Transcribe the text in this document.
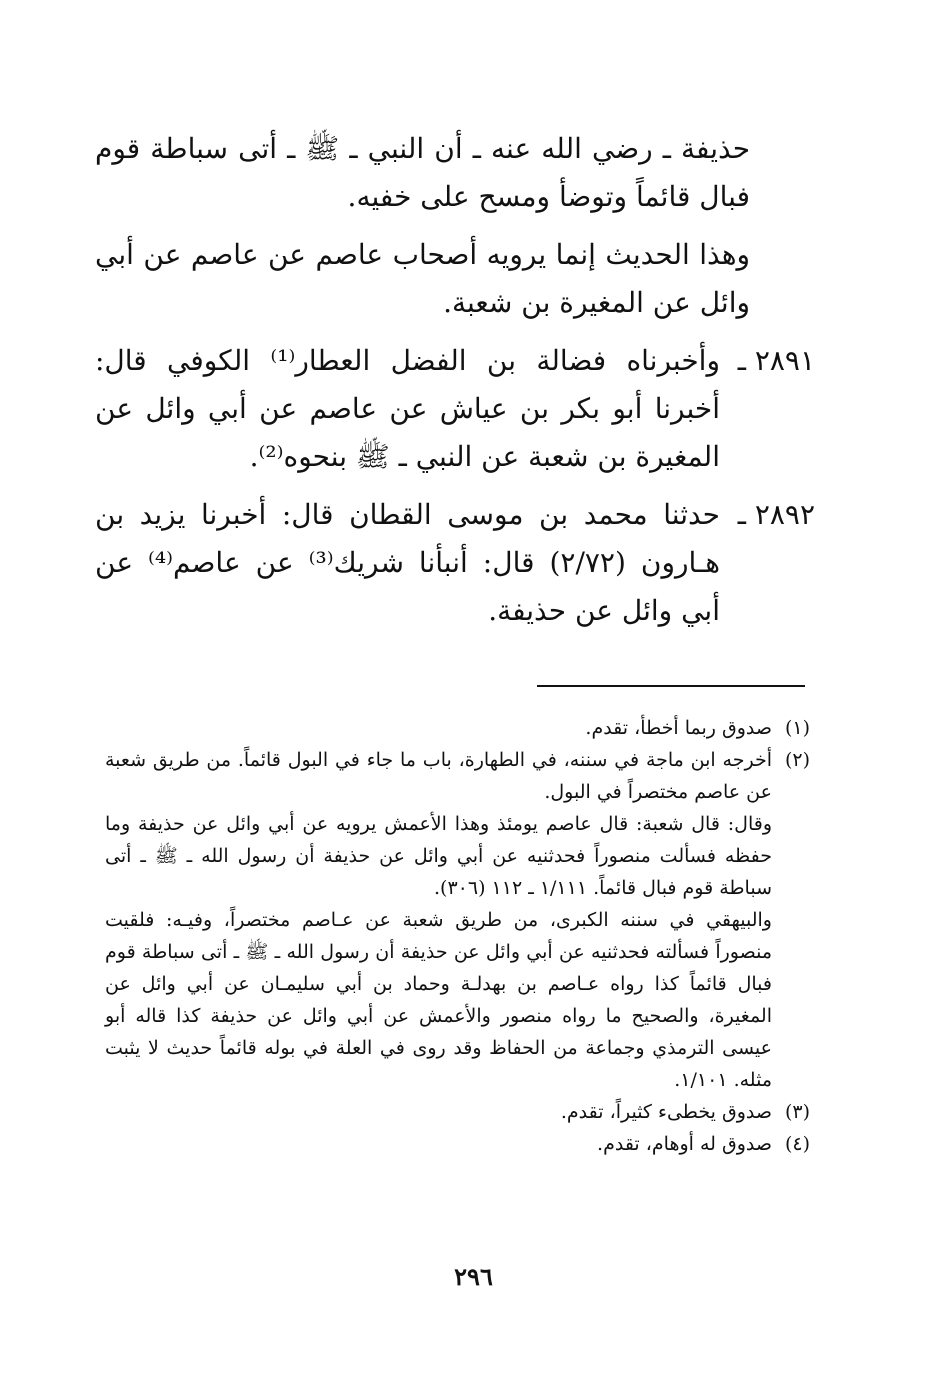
حذيفة ـ رضي الله عنه ـ أن النبي ـ ﷺ ـ أتى سباطة قوم فبال قائماً وتوضأ ومسح على خفيه.

وهذا الحديث إنما يرويه أصحاب عاصم عن عاصم عن أبي وائل عن المغيرة بن شعبة.

٢٨٩١ ـ
وأخبرناه فضالة بن الفضل العطار⁽¹⁾ الكوفي قال: أخبرنا أبو بكر بن عياش عن عاصم عن أبي وائل عن المغيرة بن شعبة عن النبي ـ ﷺ بنحوه⁽²⁾.
٢٨٩٢ ـ
حدثنا محمد بن موسى القطان قال: أخبرنا يزيد بن هـارون (٢/٧٢) قال: أنبأنا شريك⁽³⁾ عن عاصم⁽⁴⁾ عن أبي وائل عن حذيفة.
(١)
صدوق ربما أخطأ، تقدم.
(٢)
أخرجه ابن ماجة في سننه، في الطهارة، باب ما جاء في البول قائماً. من طريق شعبة عن عاصم مختصراً في البول.
وقال: قال شعبة: قال عاصم يومئذ وهذا الأعمش يرويه عن أبي وائل عن حذيفة وما حفظه فسألت منصوراً فحدثنيه عن أبي وائل عن حذيفة أن رسول الله ـ ﷺ ـ أتى سباطة قوم فبال قائماً. ١/١١١ ـ ١١٢ (٣٠٦).
والبيهقي في سننه الكبرى، من طريق شعبة عن عـاصم مختصراً، وفيـه: فلقيت منصوراً فسألته فحدثنيه عن أبي وائل عن حذيفة أن رسول الله ـ ﷺ ـ أتى سباطة قوم فبال قائماً كذا رواه عـاصم بن بهدلـة وحماد بن أبي سليمـان عن أبي وائل عن المغيرة، والصحيح ما رواه منصور والأعمش عن أبي وائل عن حذيفة كذا قاله أبو عيسى الترمذي وجماعة من الحفاظ وقد روى في العلة في بوله قائماً حديث لا يثبت مثله. ١/١٠١.
(٣)
صدوق يخطىء كثيراً، تقدم.
(٤)
صدوق له أوهام، تقدم.
٢٩٦
